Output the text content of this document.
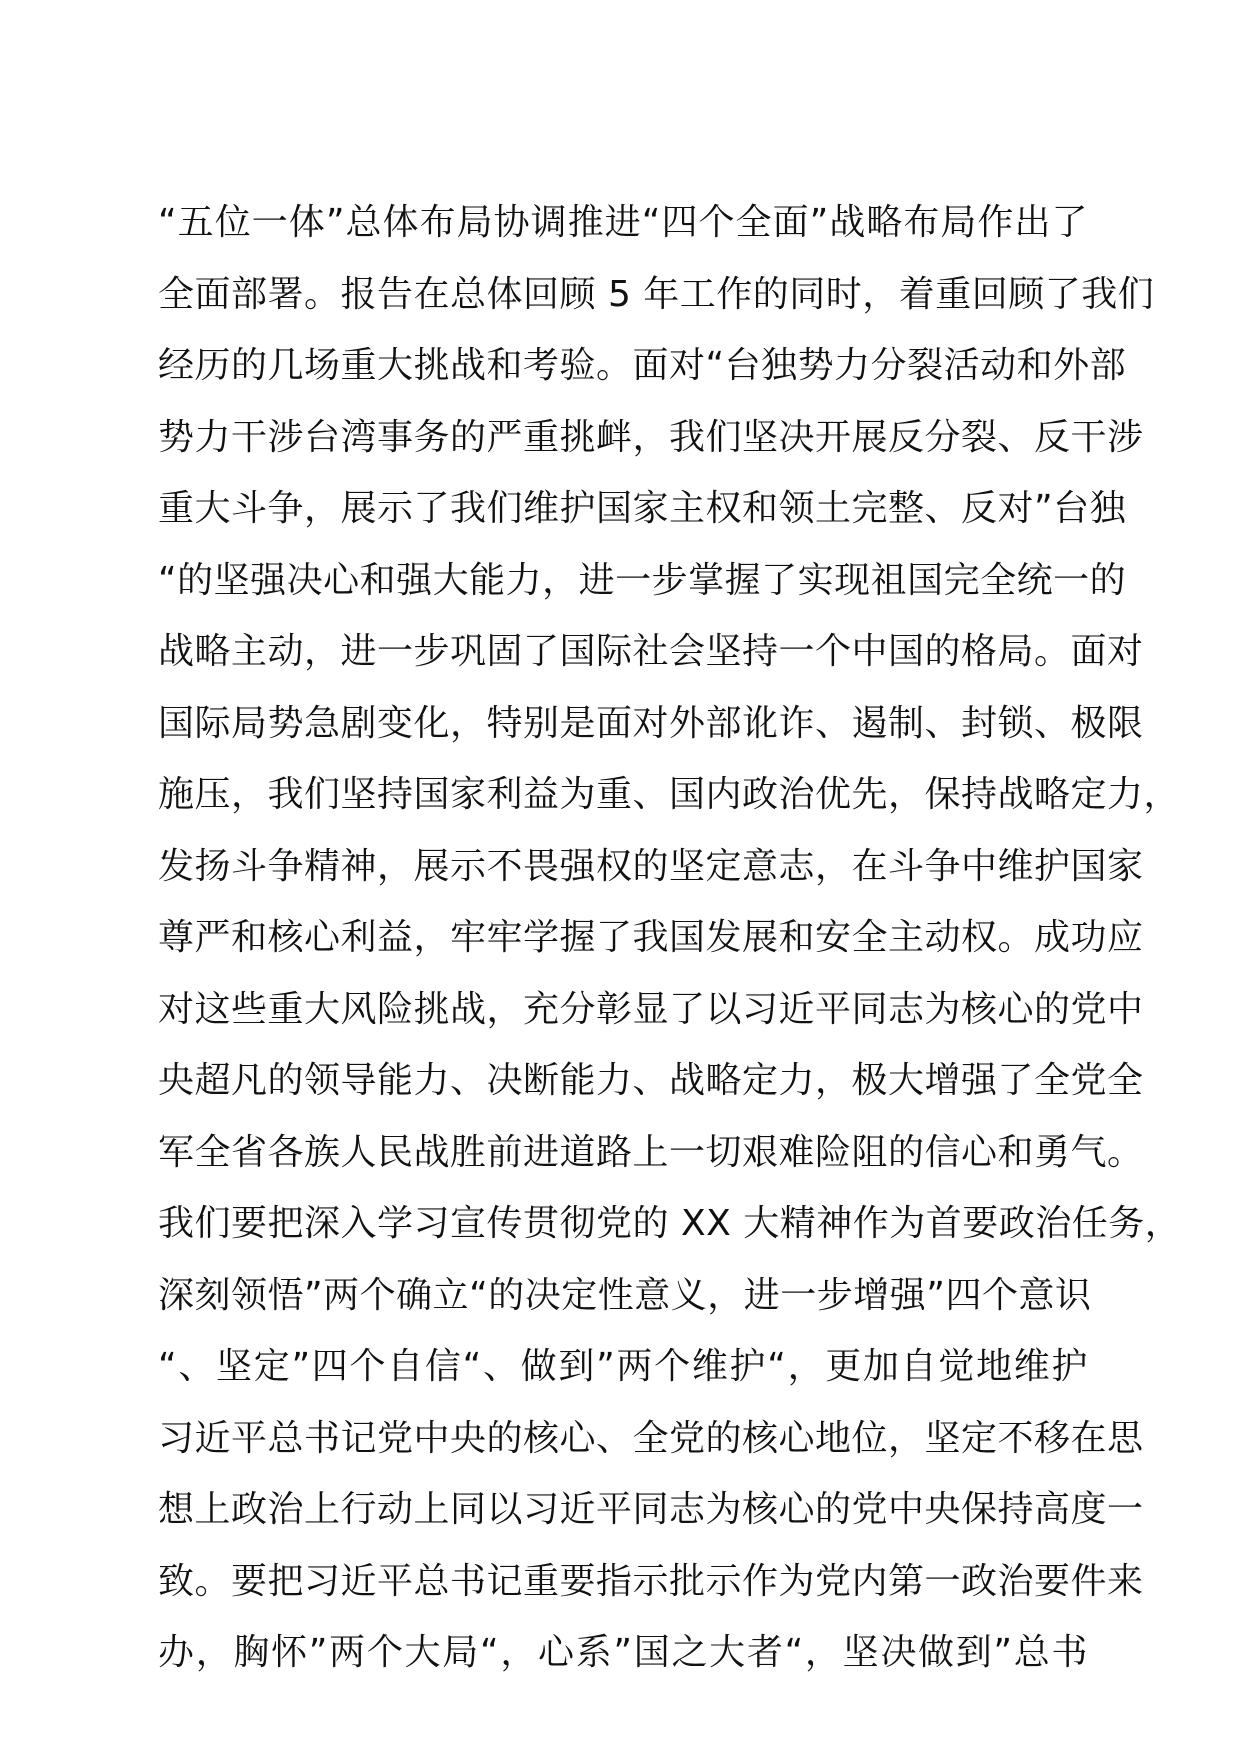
“五位一体”总体布局协调推进“四个全面”战略布局作出了
全面部署。报告在总体回顾 5 年工作的同时，着重回顾了我们
经历的几场重大挑战和考验。面对“台独势力分裂活动和外部
势力干涉台湾事务的严重挑衅，我们坚决开展反分裂、反干涉
重大斗争，展示了我们维护国家主权和领土完整、反对”台独
“的坚强决心和强大能力，进一步掌握了实现祖国完全统一的
战略主动，进一步巩固了国际社会坚持一个中国的格局。面对
国际局势急剧变化，特别是面对外部讹诈、遏制、封锁、极限
施压，我们坚持国家利益为重、国内政治优先，保持战略定力，
发扬斗争精神，展示不畏强权的坚定意志，在斗争中维护国家
尊严和核心利益，牢牢学握了我国发展和安全主动权。成功应
对这些重大风险挑战，充分彰显了以习近平同志为核心的党中
央超凡的领导能力、决断能力、战略定力，极大增强了全党全
军全省各族人民战胜前进道路上一切艰难险阻的信心和勇气。
我们要把深入学习宣传贯彻党的 XX 大精神作为首要政治任务，
深刻领悟”两个确立“的决定性意义，进一步增强”四个意识
“、坚定”四个自信“、做到”两个维护“，更加自觉地维护
习近平总书记党中央的核心、全党的核心地位，坚定不移在思
想上政治上行动上同以习近平同志为核心的党中央保持高度一
致。要把习近平总书记重要指示批示作为党内第一政治要件来
办，胸怀”两个大局“，心系”国之大者“，坚决做到”总书
